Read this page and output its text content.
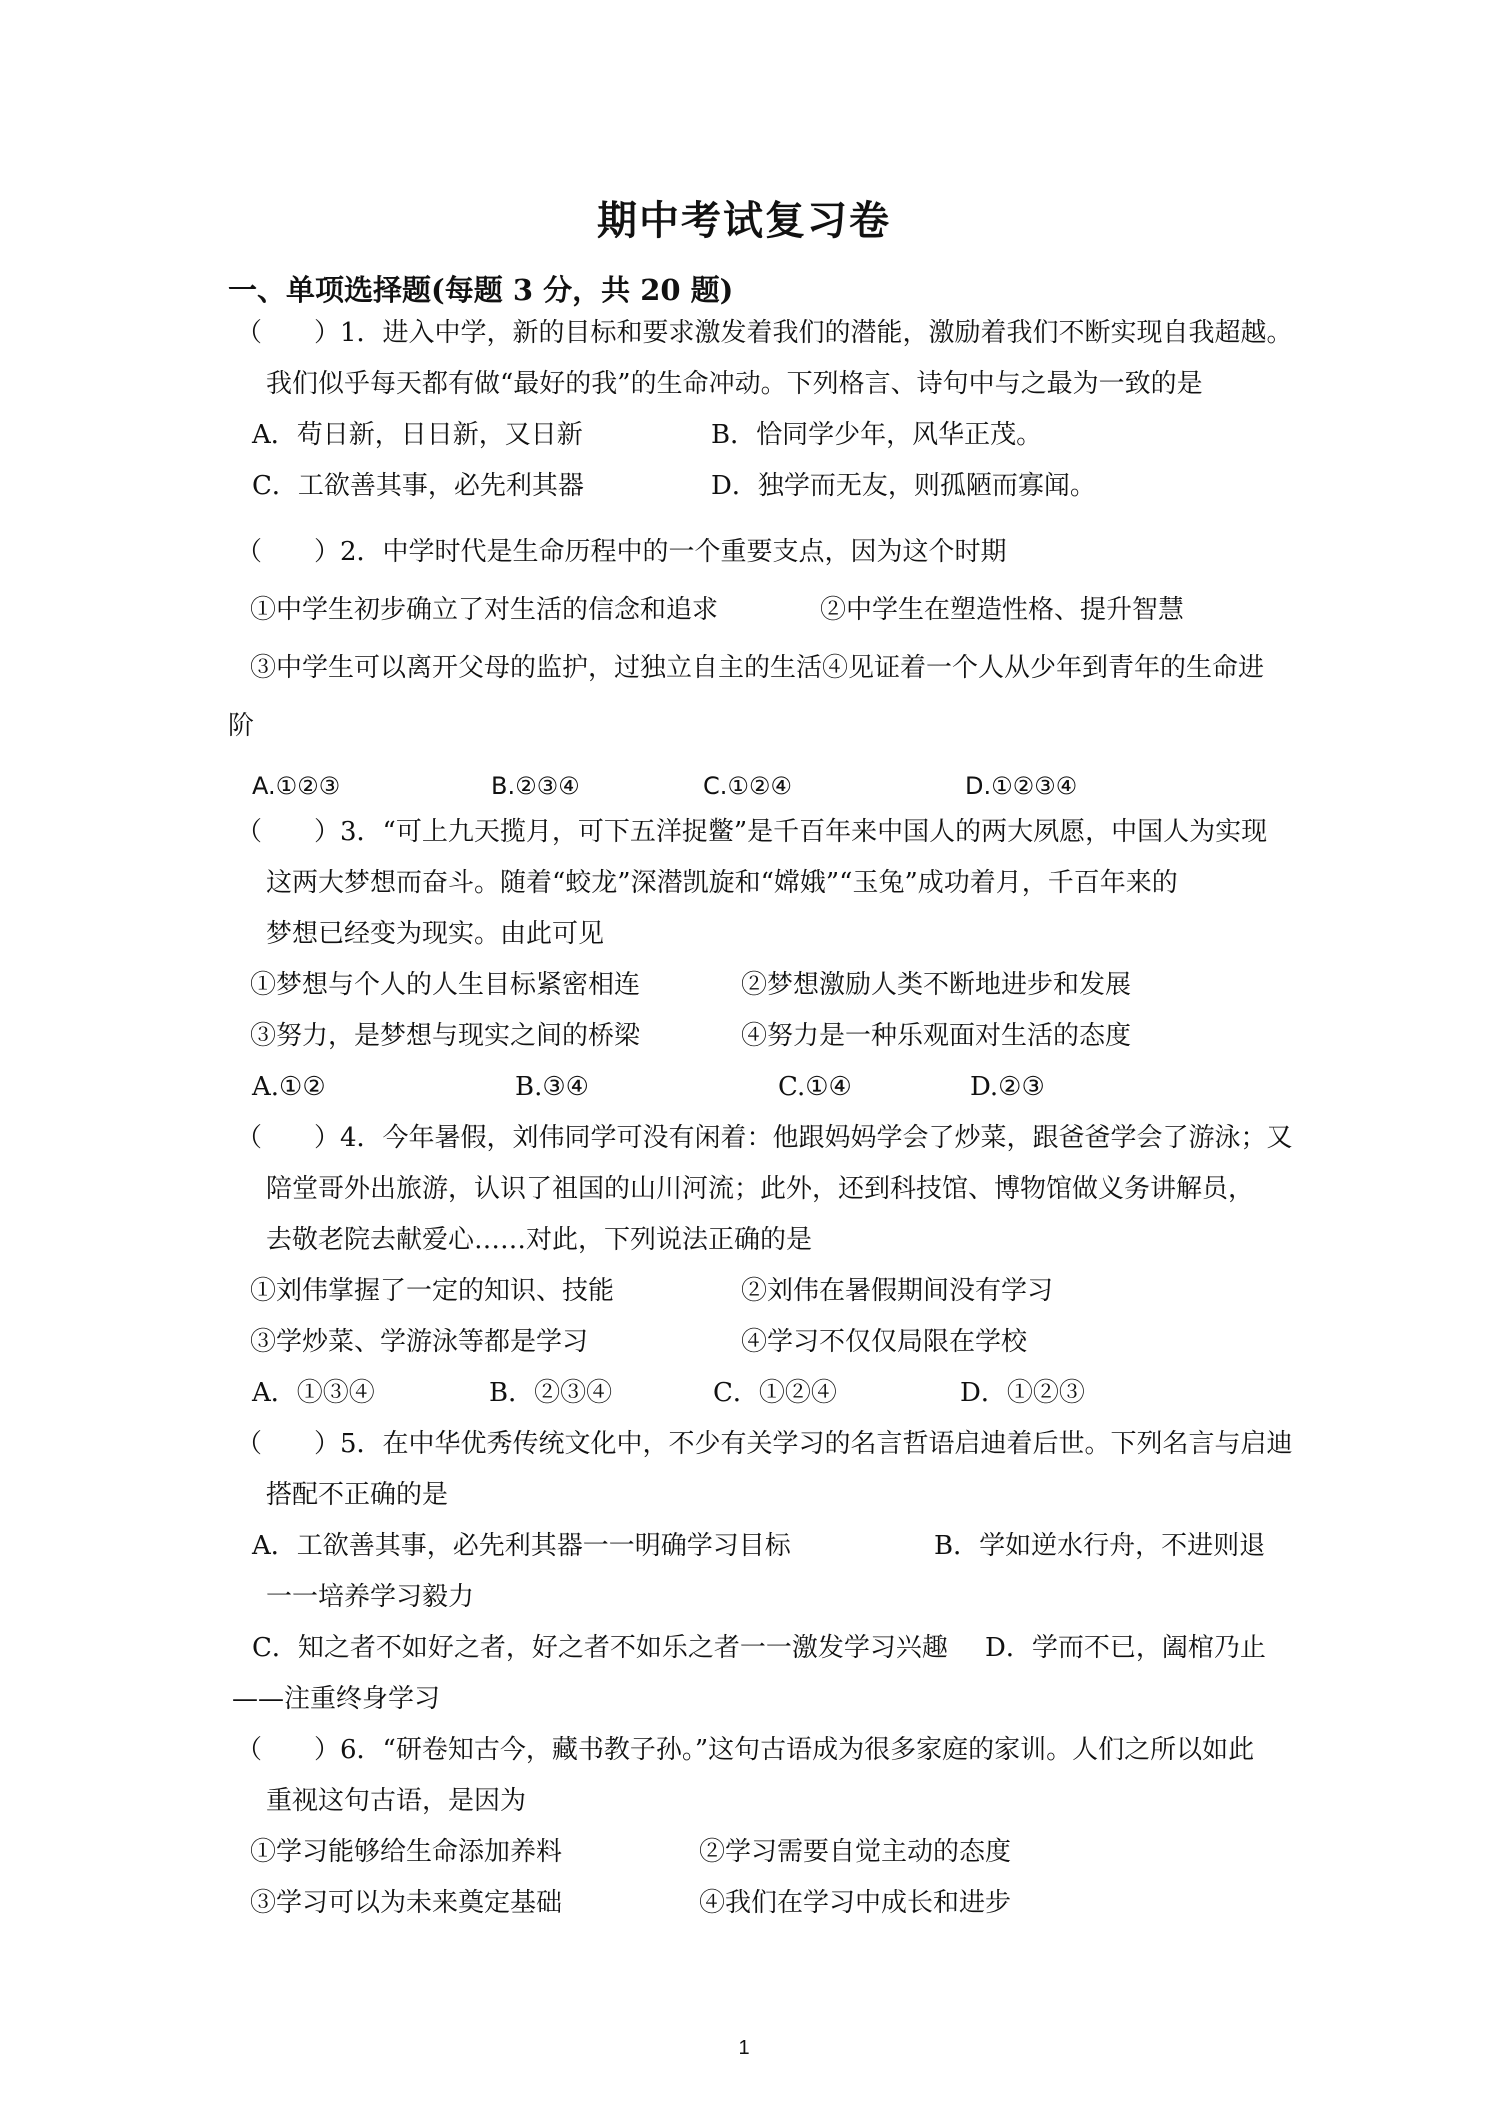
期中考试复习卷
一、单项选择题(每题 3 分，共 20 题)
（　　）1．进入中学，新的目标和要求激发着我们的潜能，激励着我们不断实现自我超越。
我们似乎每天都有做“最好的我”的生命冲动。下列格言、诗句中与之最为一致的是
A．苟日新，日日新，又日新	B．恰同学少年，风华正茂。
C．工欲善其事，必先利其器	D．独学而无友，则孤陋而寡闻。
（　　）2．中学时代是生命历程中的一个重要支点，因为这个时期
①中学生初步确立了对生活的信念和追求	②中学生在塑造性格、提升智慧
③中学生可以离开父母的监护，过独立自主的生活④见证着一个人从少年到青年的生命进
阶
A.①②③	B.②③④	C.①②④	D.①②③④
（　　）3．“可上九天揽月，可下五洋捉鳖”是千百年来中国人的两大夙愿，中国人为实现
这两大梦想而奋斗。随着“蛟龙”深潜凯旋和“嫦娥”“玉兔”成功着月，千百年来的
梦想已经变为现实。由此可见
①梦想与个人的人生目标紧密相连	②梦想激励人类不断地进步和发展
③努力，是梦想与现实之间的桥梁	④努力是一种乐观面对生活的态度
A.①②	B.③④	C.①④	D.②③
（　　）4．今年暑假，刘伟同学可没有闲着：他跟妈妈学会了炒菜，跟爸爸学会了游泳；又
陪堂哥外出旅游，认识了祖国的山川河流；此外，还到科技馆、博物馆做义务讲解员，
去敬老院去献爱心……对此，下列说法正确的是
①刘伟掌握了一定的知识、技能	②刘伟在暑假期间没有学习
③学炒菜、学游泳等都是学习	④学习不仅仅局限在学校
A．①③④	B．②③④	C．①②④	D．①②③
（　　）5．在中华优秀传统文化中，不少有关学习的名言哲语启迪着后世。下列名言与启迪
搭配不正确的是
A．工欲善其事，必先利其器一一明确学习目标	B．学如逆水行舟，不进则退
一一培养学习毅力
C．知之者不如好之者，好之者不如乐之者一一激发学习兴趣 D．学而不已，阖棺乃止
——注重终身学习
（　　）6．“研卷知古今，藏书教子孙。”这句古语成为很多家庭的家训。人们之所以如此
重视这句古语，是因为
①学习能够给生命添加养料	②学习需要自觉主动的态度
③学习可以为未来奠定基础	④我们在学习中成长和进步
1
